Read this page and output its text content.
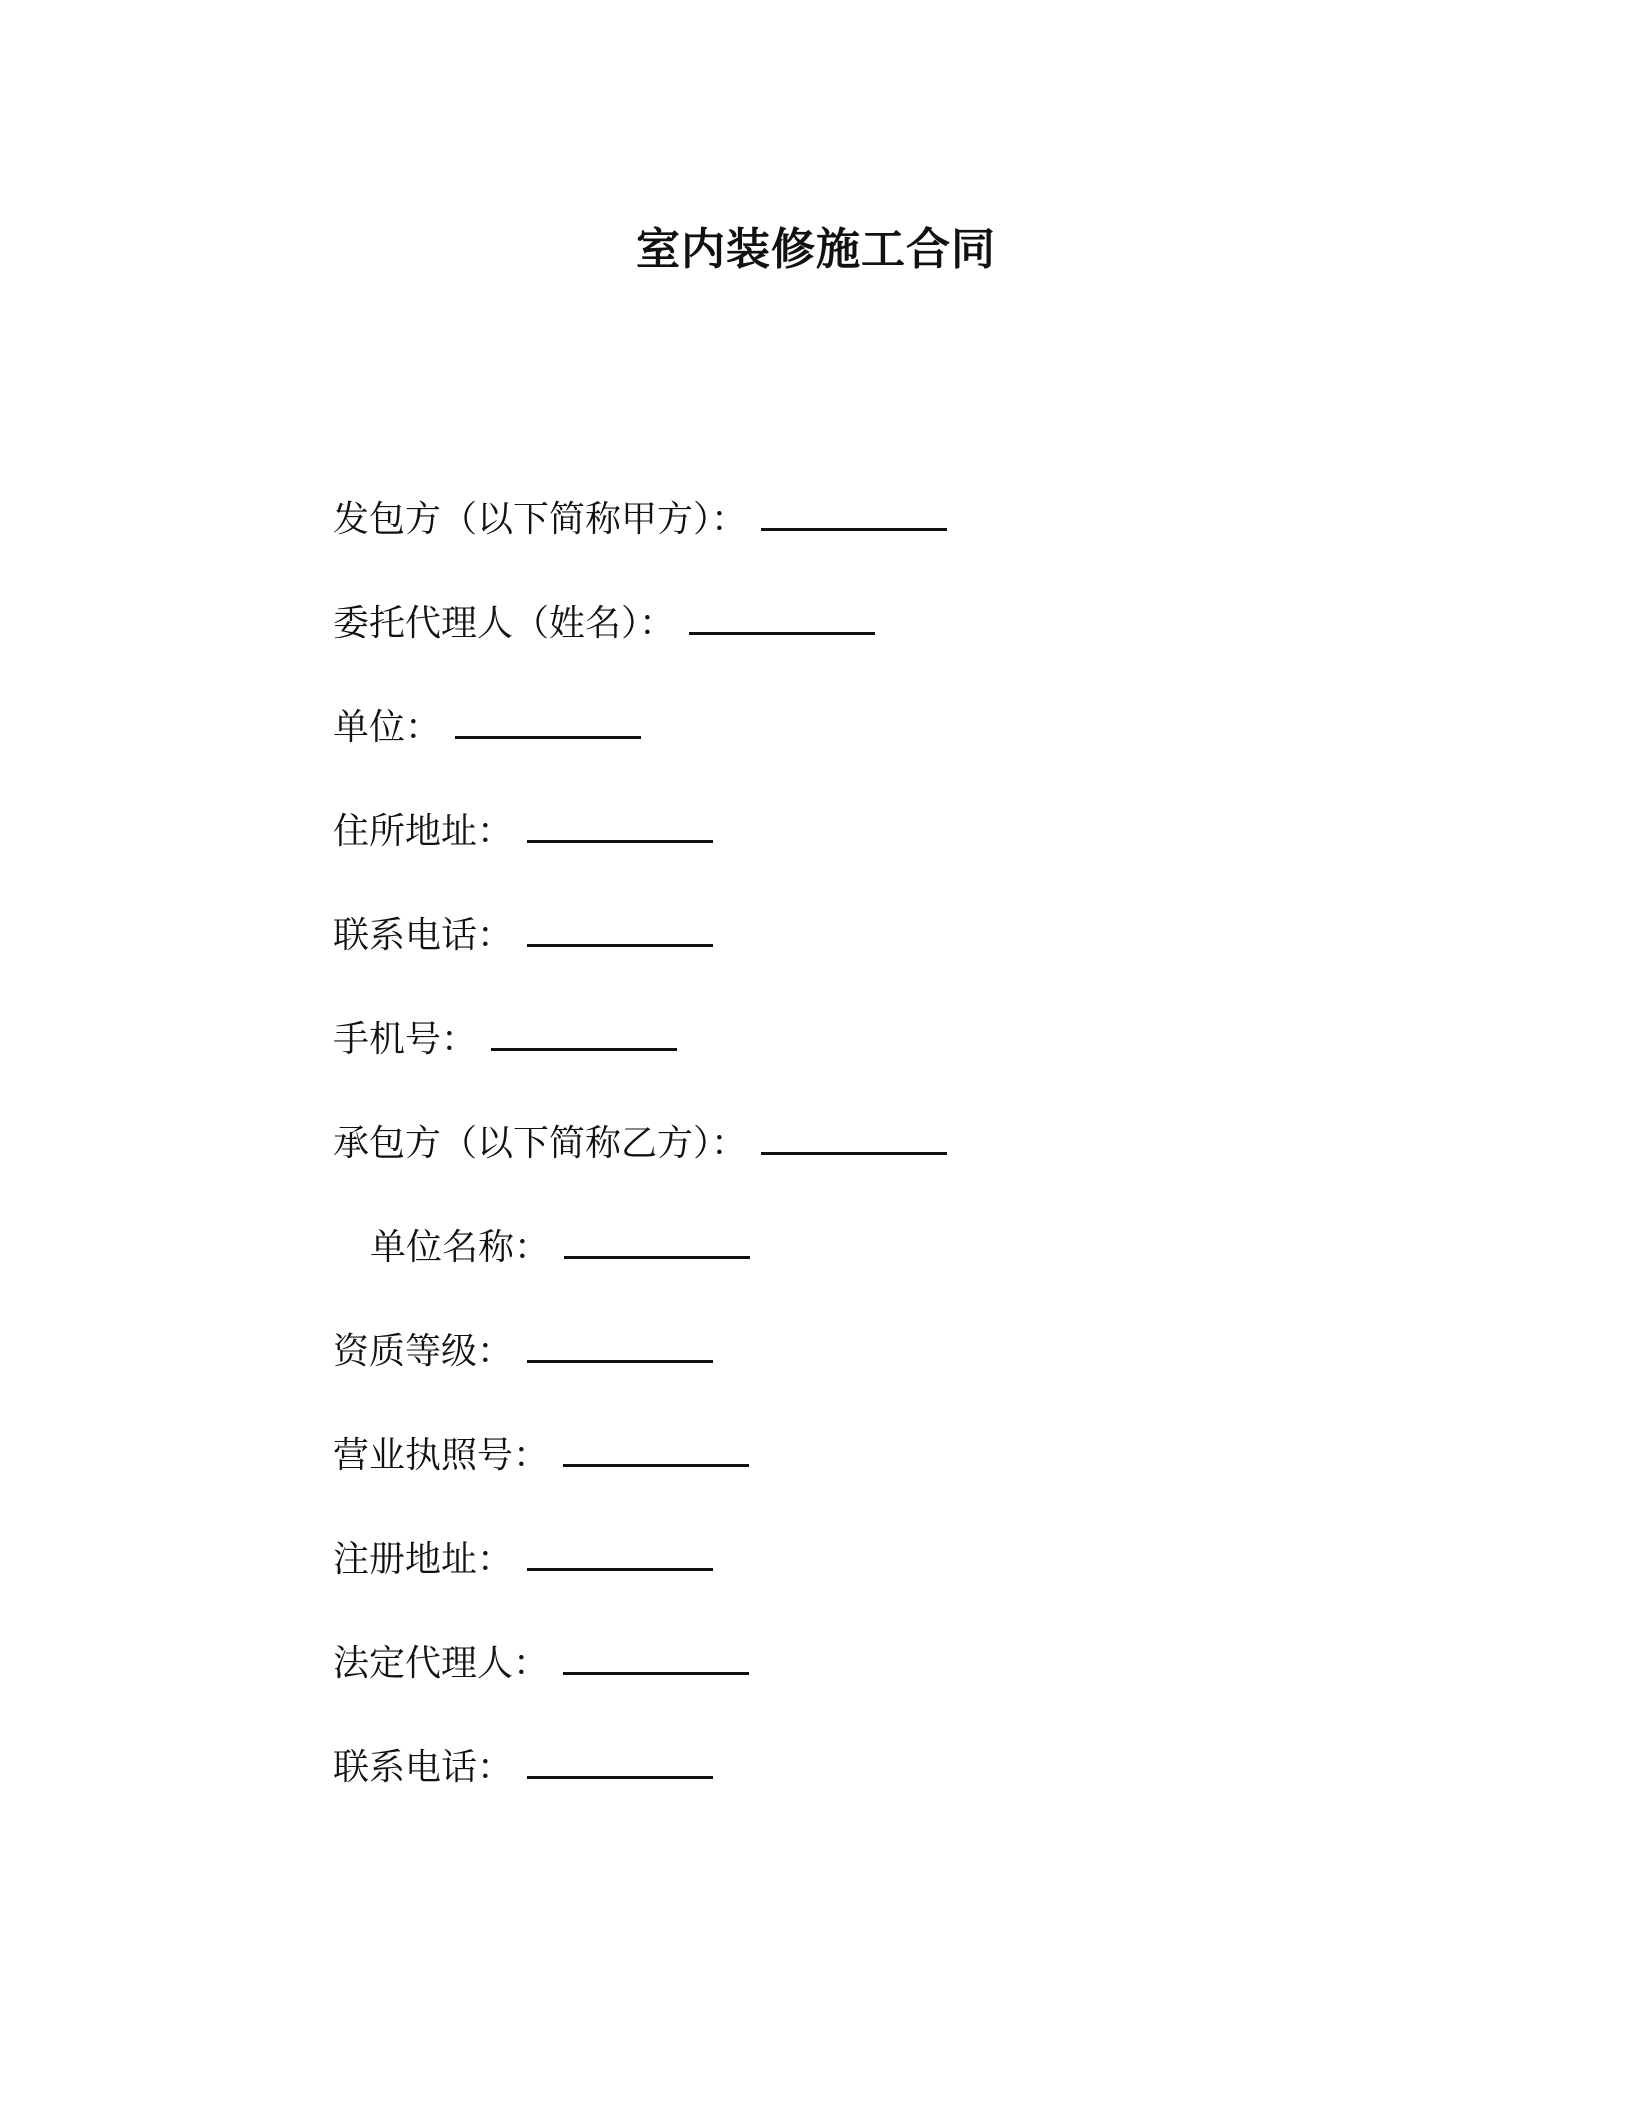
室内装修施工合同
发包方（以下简称甲方）：
委托代理人（姓名）：
单位：
住所地址：
联系电话：
手机号：
承包方（以下简称乙方）：
单位名称：
资质等级：
营业执照号：
注册地址：
法定代理人：
联系电话：
